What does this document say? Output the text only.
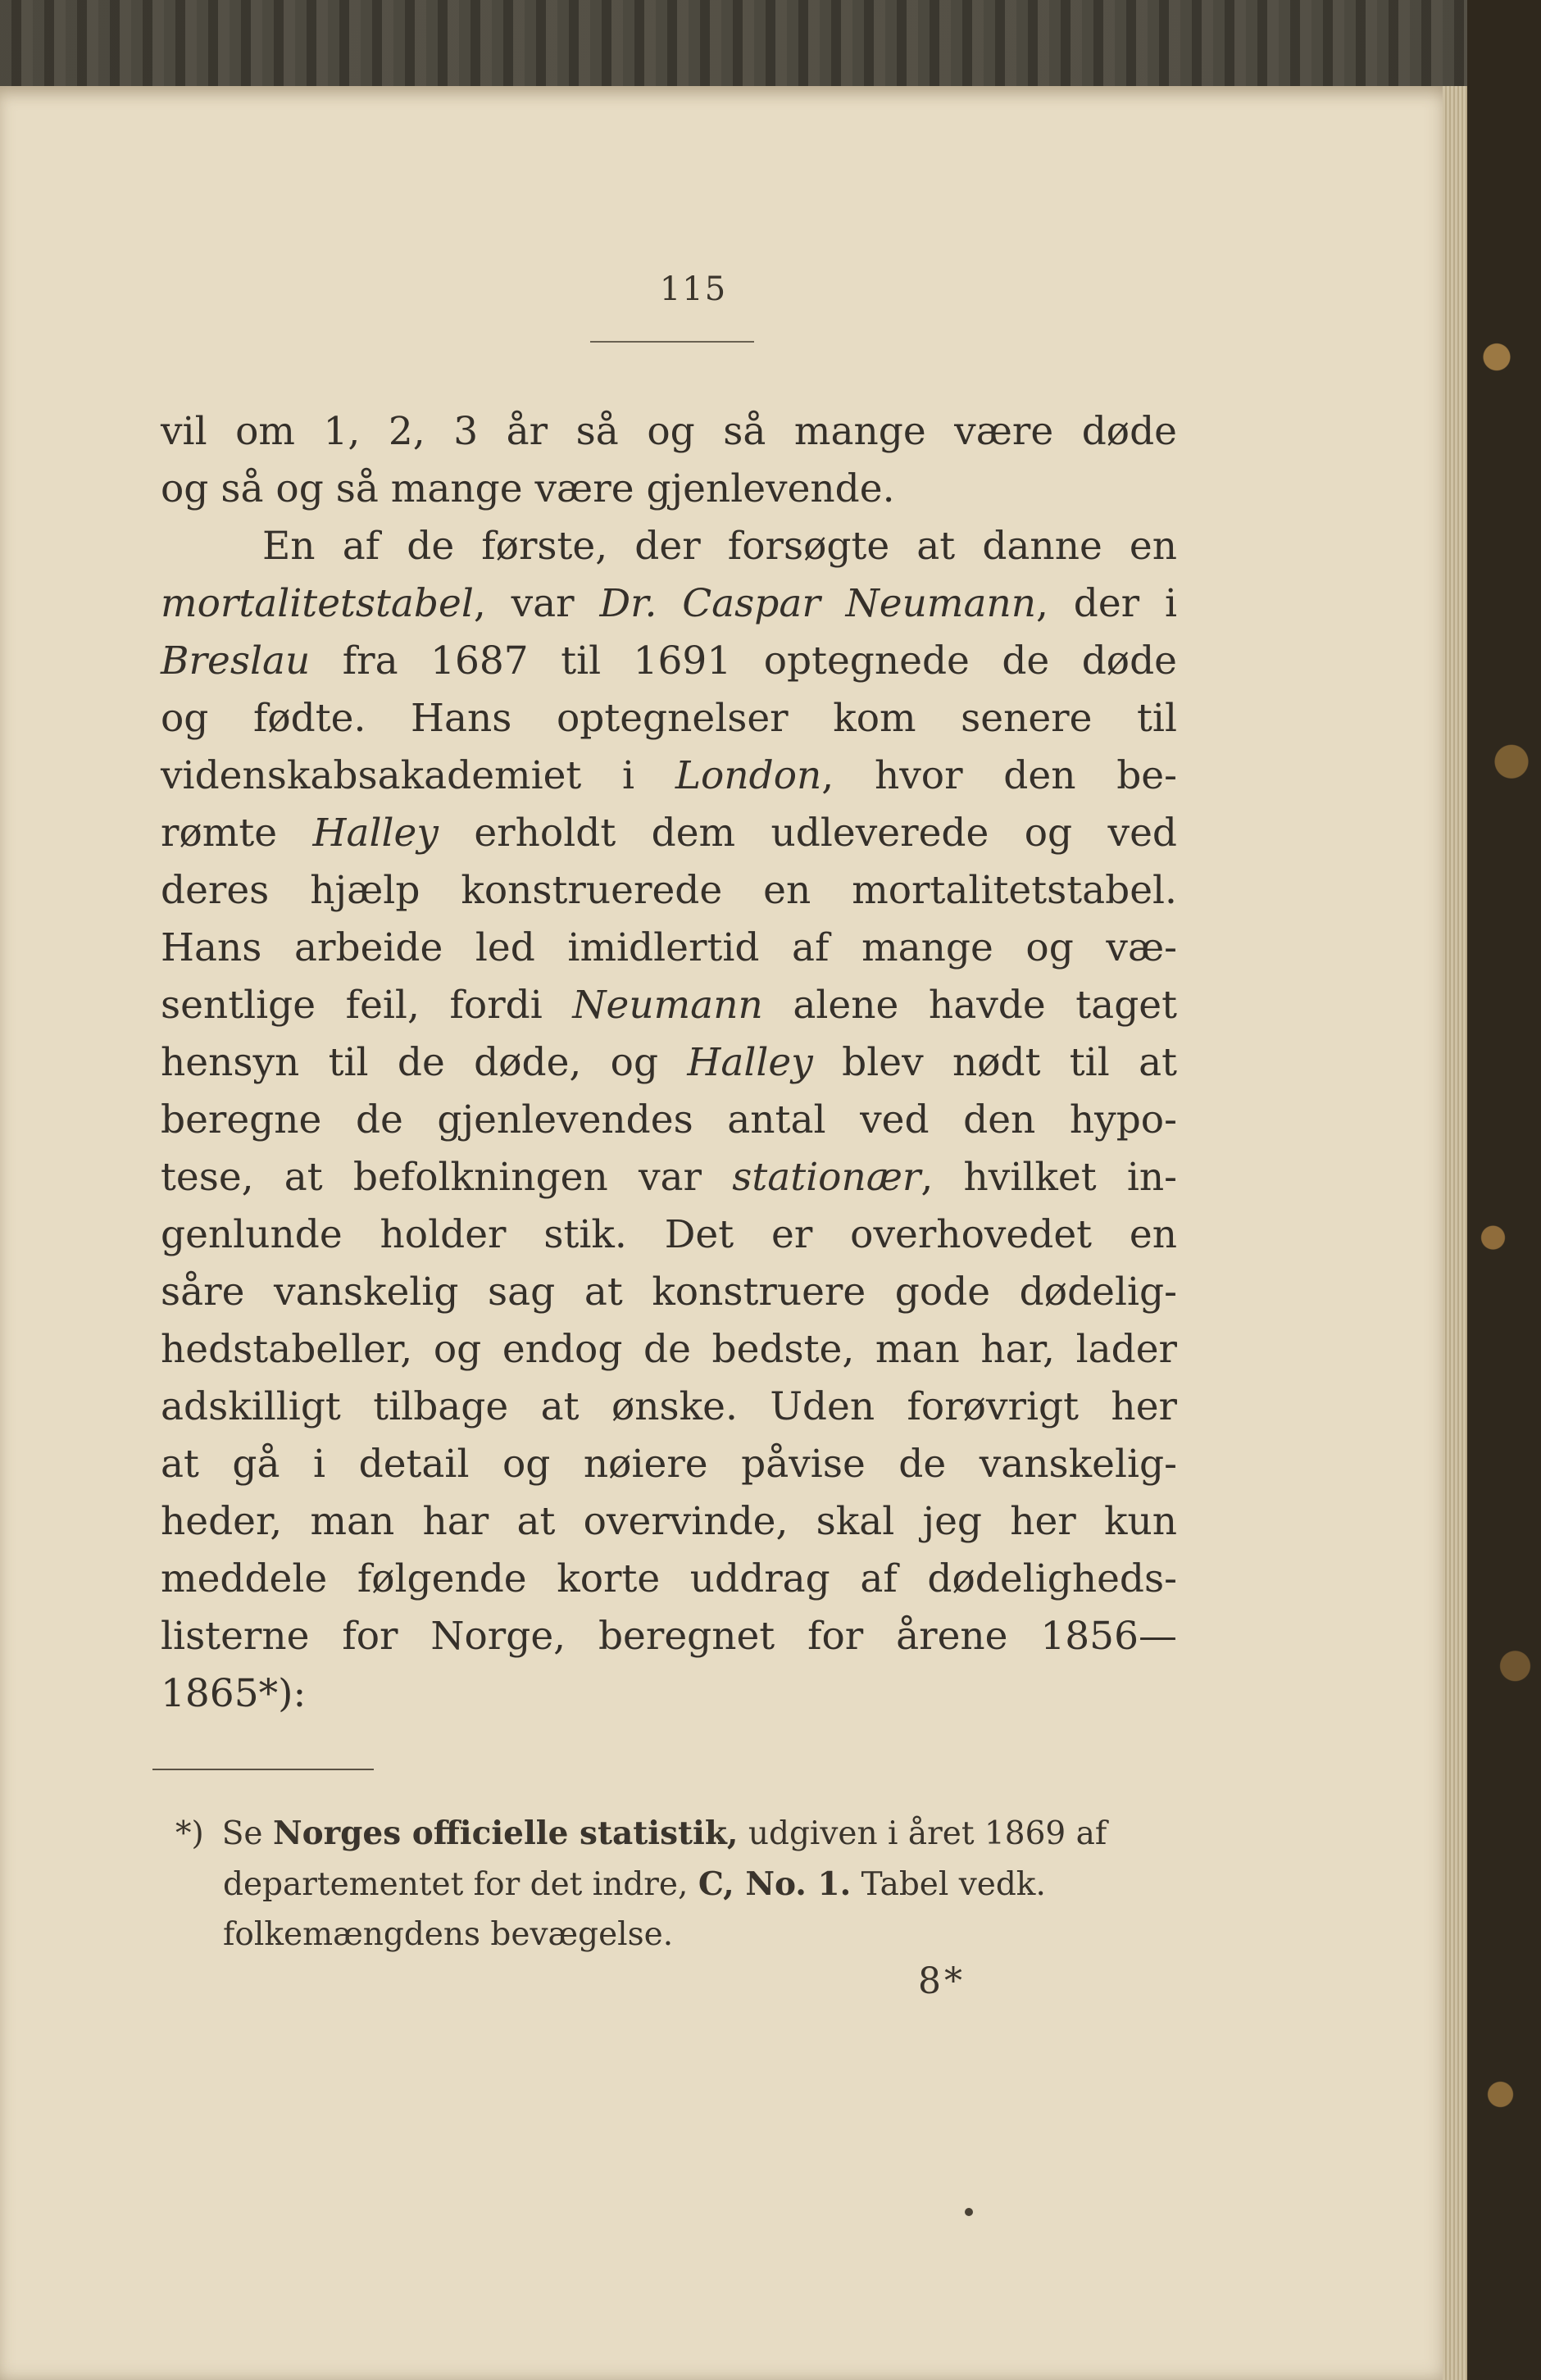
115
vil om 1, 2, 3 år så og så mange være døde
og så og så mange være gjenlevende.
En af de første, der forsøgte at danne en
mortalitetstabel, var Dr. Caspar Neumann, der i
Breslau fra 1687 til 1691 optegnede de døde
og fødte. Hans optegnelser kom senere til
videnskabsakademiet i London, hvor den be-
rømte Halley erholdt dem udleverede og ved
deres hjælp konstruerede en mortalitetstabel.
Hans arbeide led imidlertid af mange og væ-
sentlige feil, fordi Neumann alene havde taget
hensyn til de døde, og Halley blev nødt til at
beregne de gjenlevendes antal ved den hypo-
tese, at befolkningen var stationær, hvilket in-
genlunde holder stik. Det er overhovedet en
såre vanskelig sag at konstruere gode dødelig-
hedstabeller, og endog de bedste, man har, lader
adskilligt tilbage at ønske. Uden forøvrigt her
at gå i detail og nøiere påvise de vanskelig-
heder, man har at overvinde, skal jeg her kun
meddele følgende korte uddrag af dødeligheds-
listerne for Norge, beregnet for årene 1856—
1865*):
*) Se Norges officielle statistik, udgiven i året 1869 af
departementet for det indre, C, No. 1. Tabel vedk.
folkemængdens bevægelse.
8*
